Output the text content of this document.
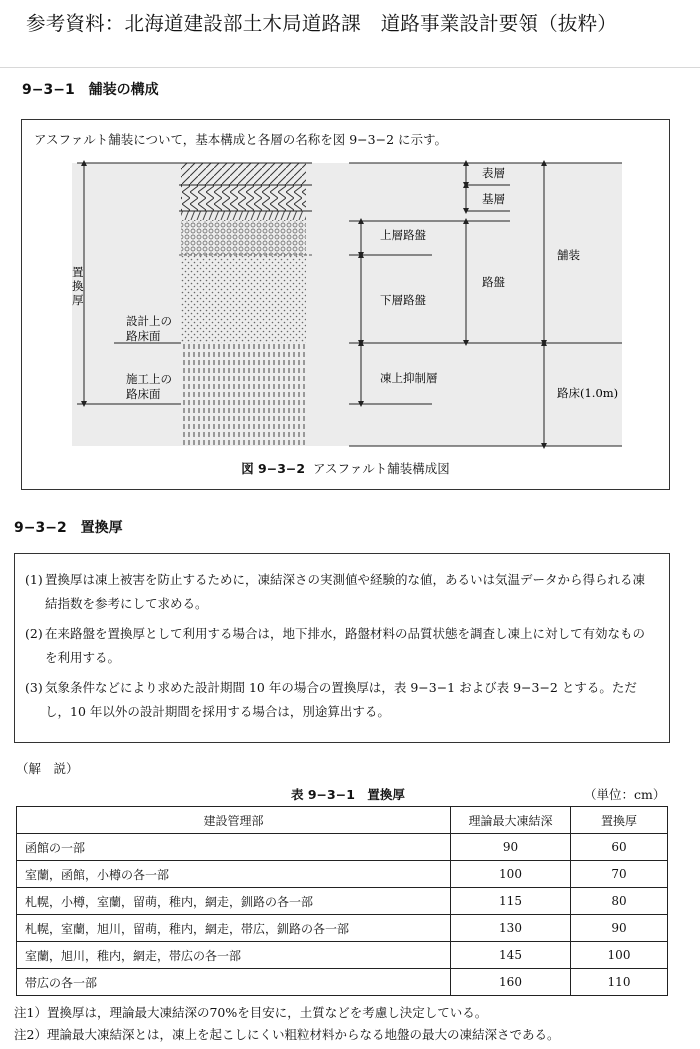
参考資料：北海道建設部土木局道路課　道路事業設計要領（抜粋）
9−3−1　舗装の構成
アスファルト舗装について，基本構成と各層の名称を図 9−3−2 に示す。
置
換
厚
設計上の
路床面
施工上の
路床面
表層
基層
上層路盤
下層路盤
路盤
舗装
凍上抑制層
路床(1.0m)
図 9−3−2 アスファルト舗装構成図
9−3−2　置換厚
(1) 置換厚は凍上被害を防止するために，凍結深さの実測値や経験的な値，あるいは気温データから得られる凍結指数を参考にして求める。
(2) 在来路盤を置換厚として利用する場合は，地下排水，路盤材料の品質状態を調査し凍上に対して有効なものを利用する。
(3) 気象条件などにより求めた設計期間 10 年の場合の置換厚は，表 9−3−1 および表 9−3−2 とする。ただし，10 年以外の設計期間を採用する場合は，別途算出する。
（解　説）
表 9−3−1　置換厚	（単位：cm）
建設管理部	理論最大凍結深	置換厚
函館の一部	90	60
室蘭，函館，小樽の各一部	100	70
札幌，小樽，室蘭，留萌，稚内，網走，釧路の各一部	115	80
札幌，室蘭，旭川，留萌，稚内，網走，帯広，釧路の各一部	130	90
室蘭，旭川，稚内，網走，帯広の各一部	145	100
帯広の各一部	160	110
注1）置換厚は，理論最大凍結深の70%を目安に，土質などを考慮し決定している。
注2）理論最大凍結深とは，凍上を起こしにくい粗粒材料からなる地盤の最大の凍結深さである。
